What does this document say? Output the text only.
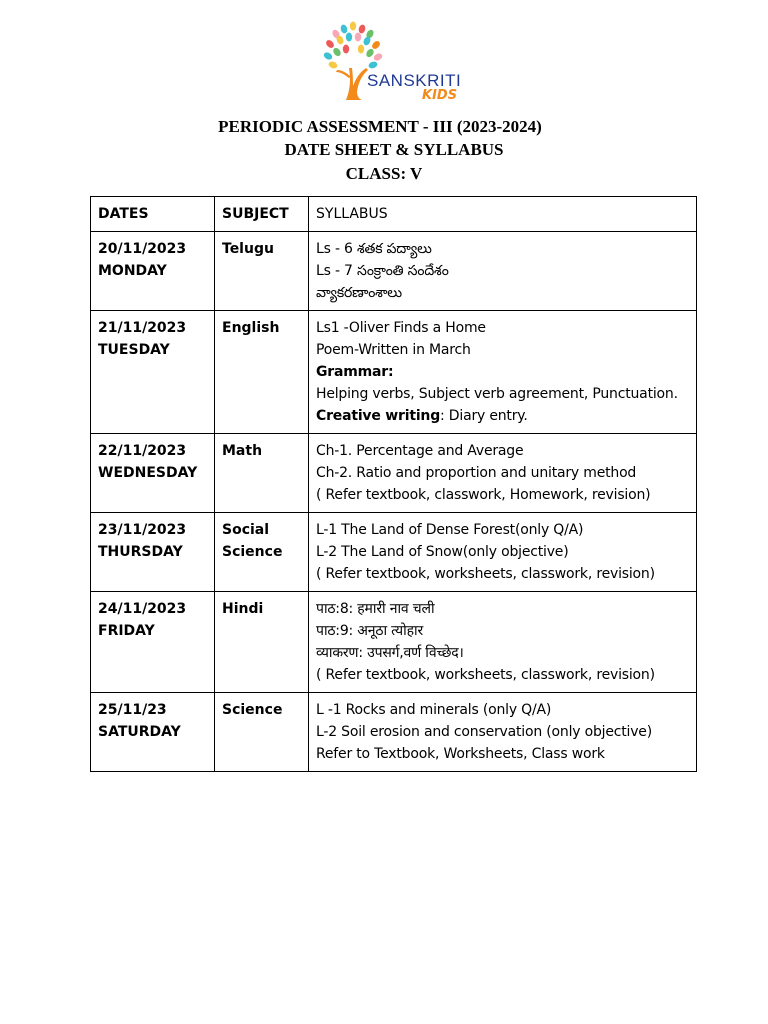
SANSKRITI
KIDS
PERIODIC ASSESSMENT - III (2023-2024)
DATE SHEET & SYLLABUS
CLASS: V
DATES	SUBJECT	SYLLABUS

20/11/2023
MONDAY	Telugu	Ls - 6 శతక పద్యాలు
Ls - 7 సంక్రాంతి సందేశం
వ్యాకరణాంశాలు

21/11/2023
TUESDAY	English	Ls1 -Oliver Finds a Home
Poem-Written in March
Grammar:
Helping verbs, Subject verb agreement, Punctuation.
Creative writing: Diary entry.

22/11/2023
WEDNESDAY	Math	Ch-1. Percentage and Average
Ch-2. Ratio and proportion and unitary method
( Refer textbook, classwork, Homework, revision)

23/11/2023
THURSDAY	Social Science	L-1 The Land of Dense Forest(only Q/A)
L-2 The Land of Snow(only objective)
( Refer textbook, worksheets, classwork, revision)

24/11/2023
FRIDAY	Hindi	पाठ:8: हमारी नाव चली
पाठ:9: अनूठा त्योहार
व्याकरण: उपसर्ग,वर्ण विच्छेद।
( Refer textbook, worksheets, classwork, revision)

25/11/23
SATURDAY	Science	L -1 Rocks and minerals (only Q/A)
L-2 Soil erosion and conservation (only objective)
Refer to Textbook, Worksheets, Class work
